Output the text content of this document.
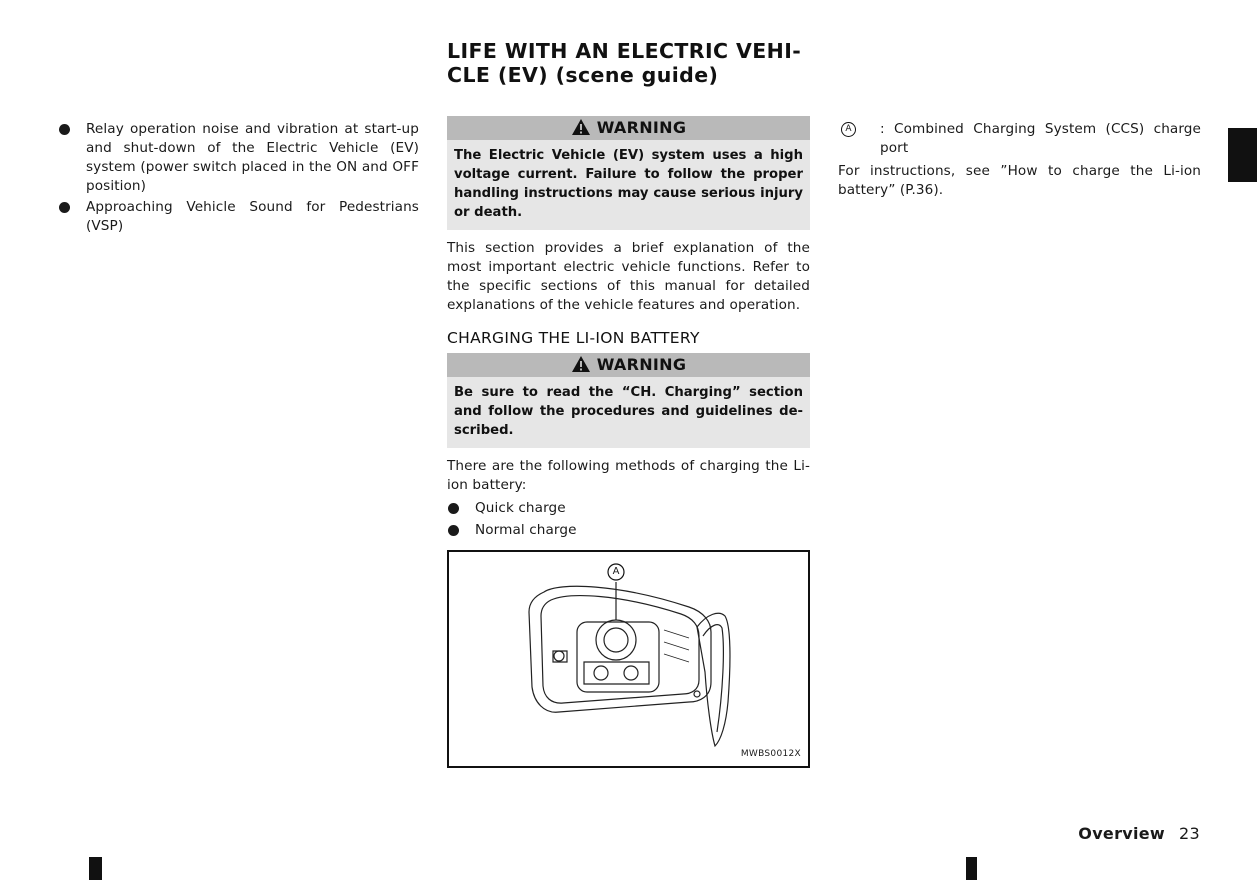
LIFE WITH AN ELECTRIC VEHI-
CLE (EV) (scene guide)
Relay operation noise and vibration at start-up and shut-down of the Electric Vehicle (EV) system (power switch placed in the ON and OFF position)
Approaching Vehicle Sound for Pedestrians (VSP)
WARNING
The Electric Vehicle (EV) system uses a high voltage current. Failure to follow the proper handling instructions may cause serious injury or death.

This section provides a brief explanation of the most important electric vehicle functions. Refer to the specific sections of this manual for detailed explanations of the vehicle features and operation.

CHARGING THE LI-ION BATTERY
WARNING
Be sure to read the “CH. Charging” section and follow the procedures and guidelines de-scribed.

There are the following methods of charging the Li-ion battery:

Quick charge
Normal charge
A
MWBS0012X
A	: Combined Charging System (CCS) charge port

For instructions, see ”How to charge the Li-ion battery” (P.36).

Overview 23
